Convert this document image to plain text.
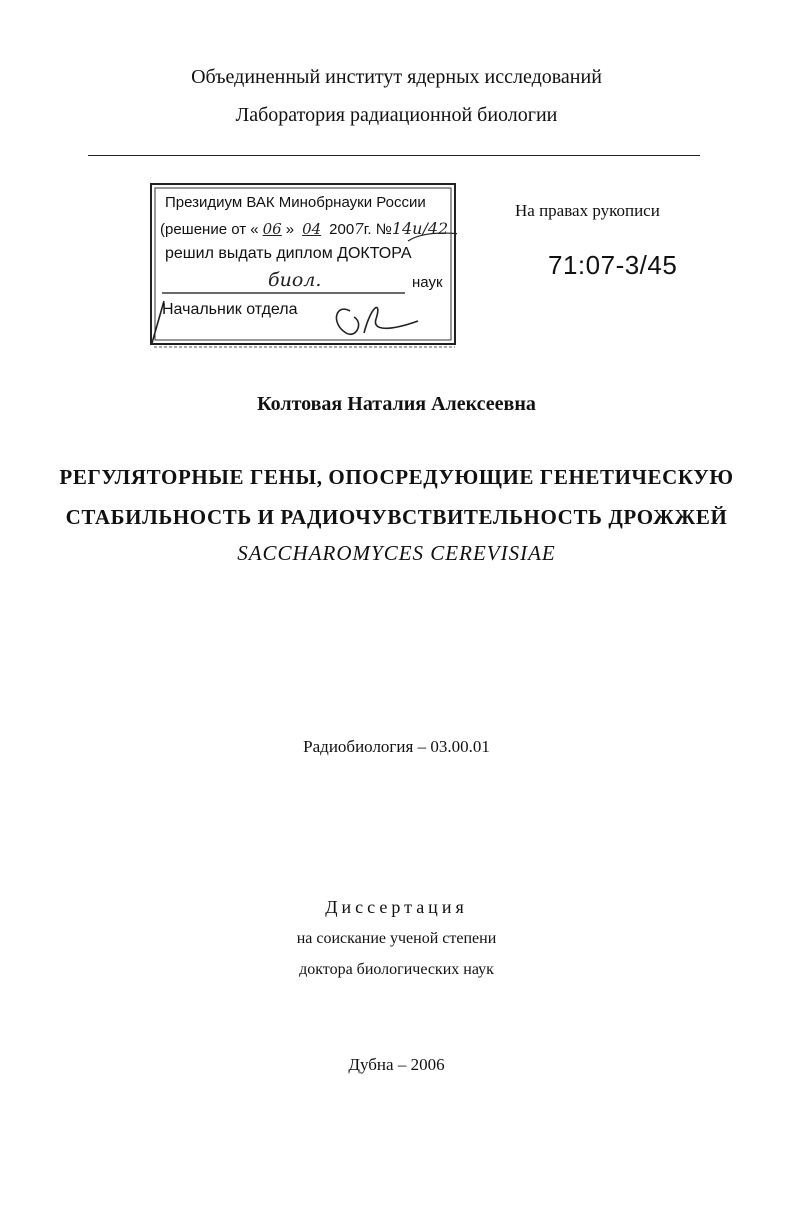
Объединенный институт ядерных исследований
Лаборатория радиационной биологии
Президиум ВАК Минобрнауки России
(решение от « 06 » 04 2007г. №14и/42
решил выдать диплом ДОКТОРА
биол.	наук
Начальник отдела
На правах рукописи
71:07-3/45
Колтовая Наталия Алексеевна
РЕГУЛЯТОРНЫЕ ГЕНЫ, ОПОСРЕДУЮЩИЕ ГЕНЕТИЧЕСКУЮ
СТАБИЛЬНОСТЬ И РАДИОЧУВСТВИТЕЛЬНОСТЬ ДРОЖЖЕЙ
SACCHAROMYCES CEREVISIAE
Радиобиология – 03.00.01
Диссертация
на соискание ученой степени
доктора биологических наук
Дубна – 2006
